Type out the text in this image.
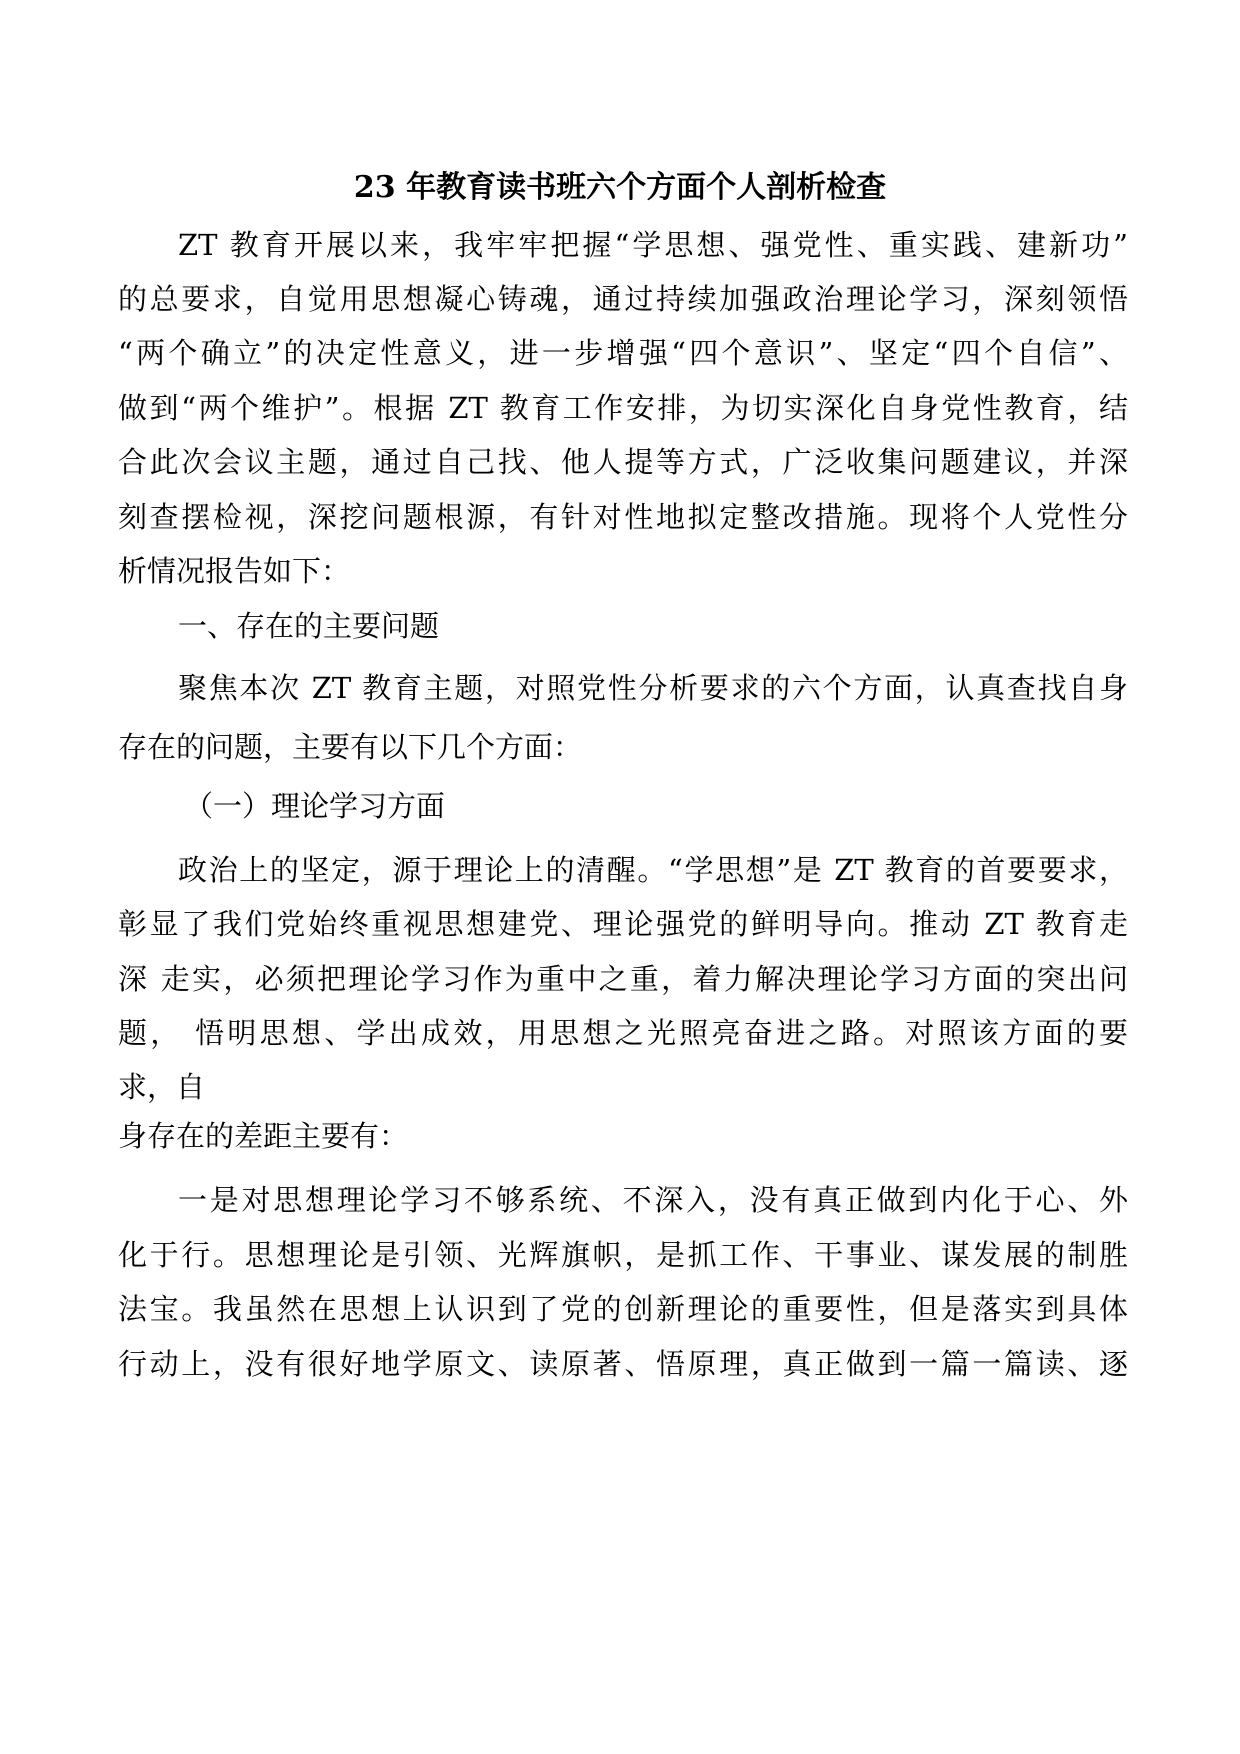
23 年教育读书班六个方面个人剖析检查

ZT 教育开展以来，我牢牢把握“学思想、强党性、重实践、建新功”

的总要求，自觉用思想凝心铸魂，通过持续加强政治理论学习，深刻领悟

“两个确立”的决定性意义，进一步增强“四个意识”、坚定“四个自信”、

做到“两个维护”。根据 ZT 教育工作安排，为切实深化自身党性教育，结

合此次会议主题，通过自己找、他人提等方式，广泛收集问题建议，并深

刻查摆检视，深挖问题根源，有针对性地拟定整改措施。现将个人党性分

析情况报告如下：

一、存在的主要问题

聚焦本次 ZT 教育主题，对照党性分析要求的六个方面，认真查找自身

存在的问题，主要有以下几个方面：

（一）理论学习方面

政治上的坚定，源于理论上的清醒。“学思想”是 ZT 教育的首要要求，

彰显了我们党始终重视思想建党、理论强党的鲜明导向。推动 ZT 教育走

深 走实，必须把理论学习作为重中之重，着力解决理论学习方面的突出问

题， 悟明思想、学出成效，用思想之光照亮奋进之路。对照该方面的要

求，自

身存在的差距主要有：

一是对思想理论学习不够系统、不深入，没有真正做到内化于心、外

化于行。思想理论是引领、光辉旗帜，是抓工作、干事业、谋发展的制胜

法宝。我虽然在思想上认识到了党的创新理论的重要性，但是落实到具体

行动上，没有很好地学原文、读原著、悟原理，真正做到一篇一篇读、逐
